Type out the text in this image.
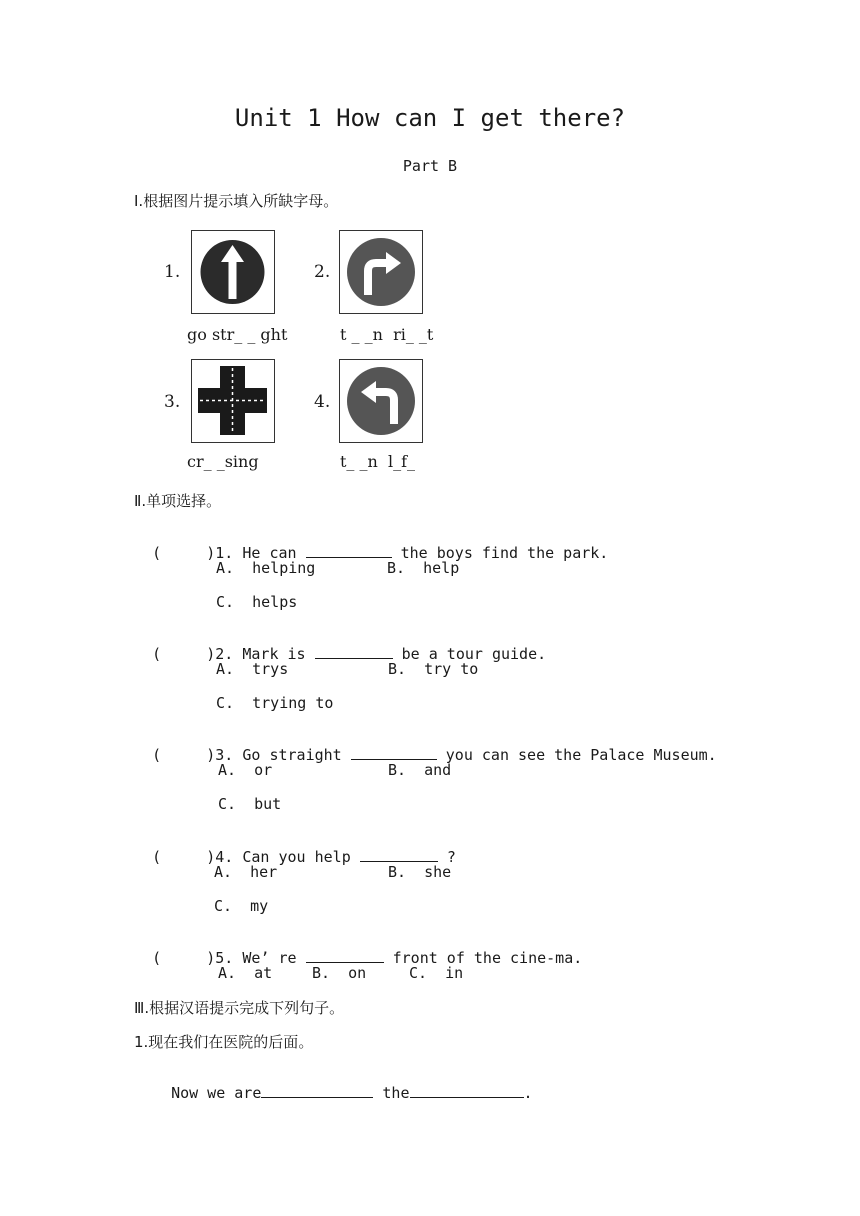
Unit 1 How can I get there?
Part B
Ⅰ.根据图片提示填入所缺字母。
1.
go str_ _ ght
2.
t _ _n  ri_ _t
3.
cr_ _sing
4.
t_ _n  l_f_
Ⅱ.单项选择。

(     )1. He can	the boys find the park.

A.  helping	B.  help
C.  helps

(     )2. Mark is	be a tour guide.

A.  trys	B.  try to
C.  trying to

(     )3. Go straight	you can see the Palace Museum.

A.  or	B.  and
C.  but

(     )4. Can you help	?

A.  her	B.  she
C.  my

(     )5. We’ re	front of the cine-ma.

A.  at	B.  on	C.  in
Ⅲ.根据汉语提示完成下列句子。
1.现在我们在医院的后面。

Now we are	the	.
